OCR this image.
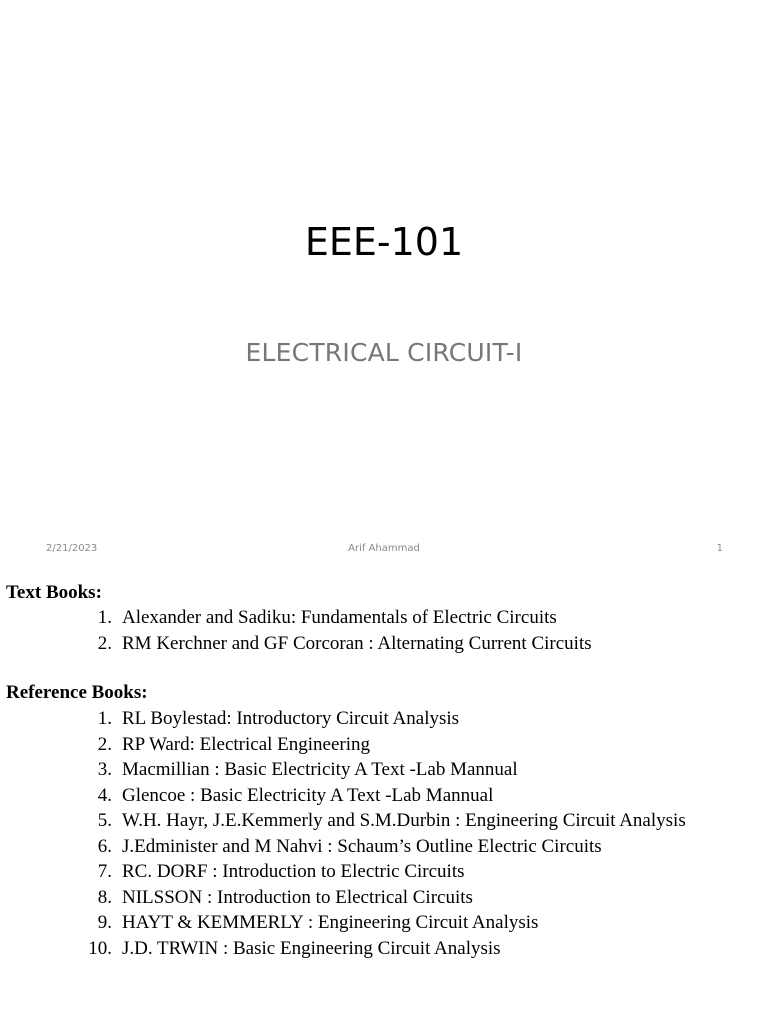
EEE-101
ELECTRICAL CIRCUIT-I
2/21/2023	Arif Ahammad	1
Text Books:
1. Alexander and Sadiku: Fundamentals of Electric Circuits
2. RM Kerchner and GF Corcoran : Alternating Current Circuits
Reference Books:
1. RL Boylestad: Introductory Circuit Analysis
2. RP Ward: Electrical Engineering
3. Macmillian : Basic Electricity A Text -Lab Mannual
4. Glencoe : Basic Electricity A Text -Lab Mannual
5. W.H. Hayr, J.E.Kemmerly and S.M.Durbin : Engineering Circuit Analysis
6. J.Edminister and M Nahvi : Schaum’s Outline Electric Circuits
7. RC. DORF : Introduction to Electric Circuits
8. NILSSON : Introduction to Electrical Circuits
9. HAYT & KEMMERLY : Engineering Circuit Analysis
10. J.D. TRWIN : Basic Engineering Circuit Analysis
